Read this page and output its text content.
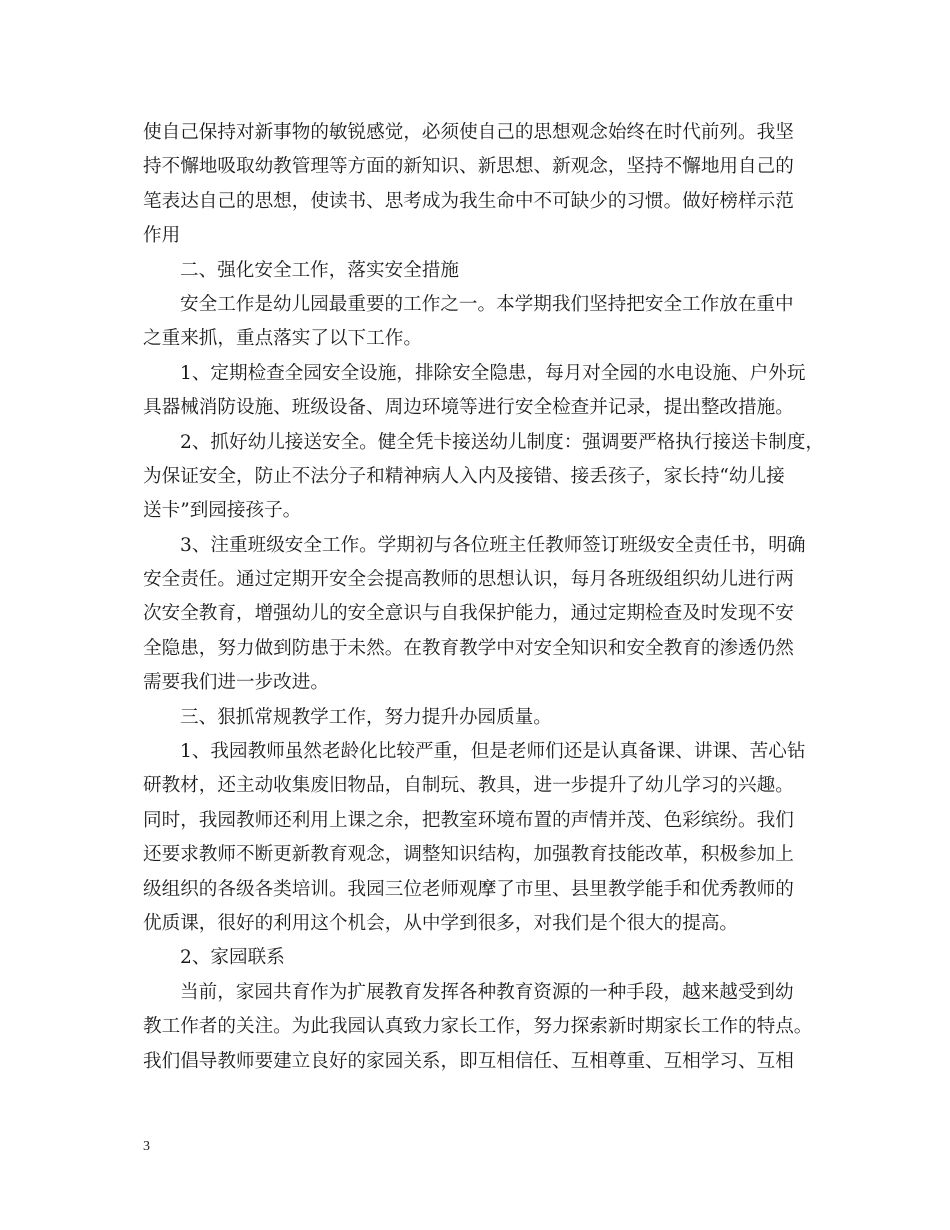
使自己保持对新事物的敏锐感觉，必须使自己的思想观念始终在时代前列。我坚
持不懈地吸取幼教管理等方面的新知识、新思想、新观念，坚持不懈地用自己的
笔表达自己的思想，使读书、思考成为我生命中不可缺少的习惯。做好榜样示范
作用
二、强化安全工作，落实安全措施
安全工作是幼儿园最重要的工作之一。本学期我们坚持把安全工作放在重中
之重来抓，重点落实了以下工作。
1、定期检查全园安全设施，排除安全隐患，每月对全园的水电设施、户外玩
具器械消防设施、班级设备、周边环境等进行安全检查并记录，提出整改措施。
2、抓好幼儿接送安全。健全凭卡接送幼儿制度：强调要严格执行接送卡制度，
为保证安全，防止不法分子和精神病人入内及接错、接丢孩子，家长持“幼儿接
送卡”到园接孩子。
3、注重班级安全工作。学期初与各位班主任教师签订班级安全责任书，明确
安全责任。通过定期开安全会提高教师的思想认识，每月各班级组织幼儿进行两
次安全教育，增强幼儿的安全意识与自我保护能力，通过定期检查及时发现不安
全隐患，努力做到防患于未然。在教育教学中对安全知识和安全教育的渗透仍然
需要我们进一步改进。
三、狠抓常规教学工作，努力提升办园质量。
1、我园教师虽然老龄化比较严重，但是老师们还是认真备课、讲课、苦心钻
研教材，还主动收集废旧物品，自制玩、教具，进一步提升了幼儿学习的兴趣。
同时，我园教师还利用上课之余，把教室环境布置的声情并茂、色彩缤纷。我们
还要求教师不断更新教育观念，调整知识结构，加强教育技能改革，积极参加上
级组织的各级各类培训。我园三位老师观摩了市里、县里教学能手和优秀教师的
优质课，很好的利用这个机会，从中学到很多，对我们是个很大的提高。
2、家园联系
当前，家园共育作为扩展教育发挥各种教育资源的一种手段，越来越受到幼
教工作者的关注。为此我园认真致力家长工作，努力探索新时期家长工作的特点。
我们倡导教师要建立良好的家园关系，即互相信任、互相尊重、互相学习、互相
3
